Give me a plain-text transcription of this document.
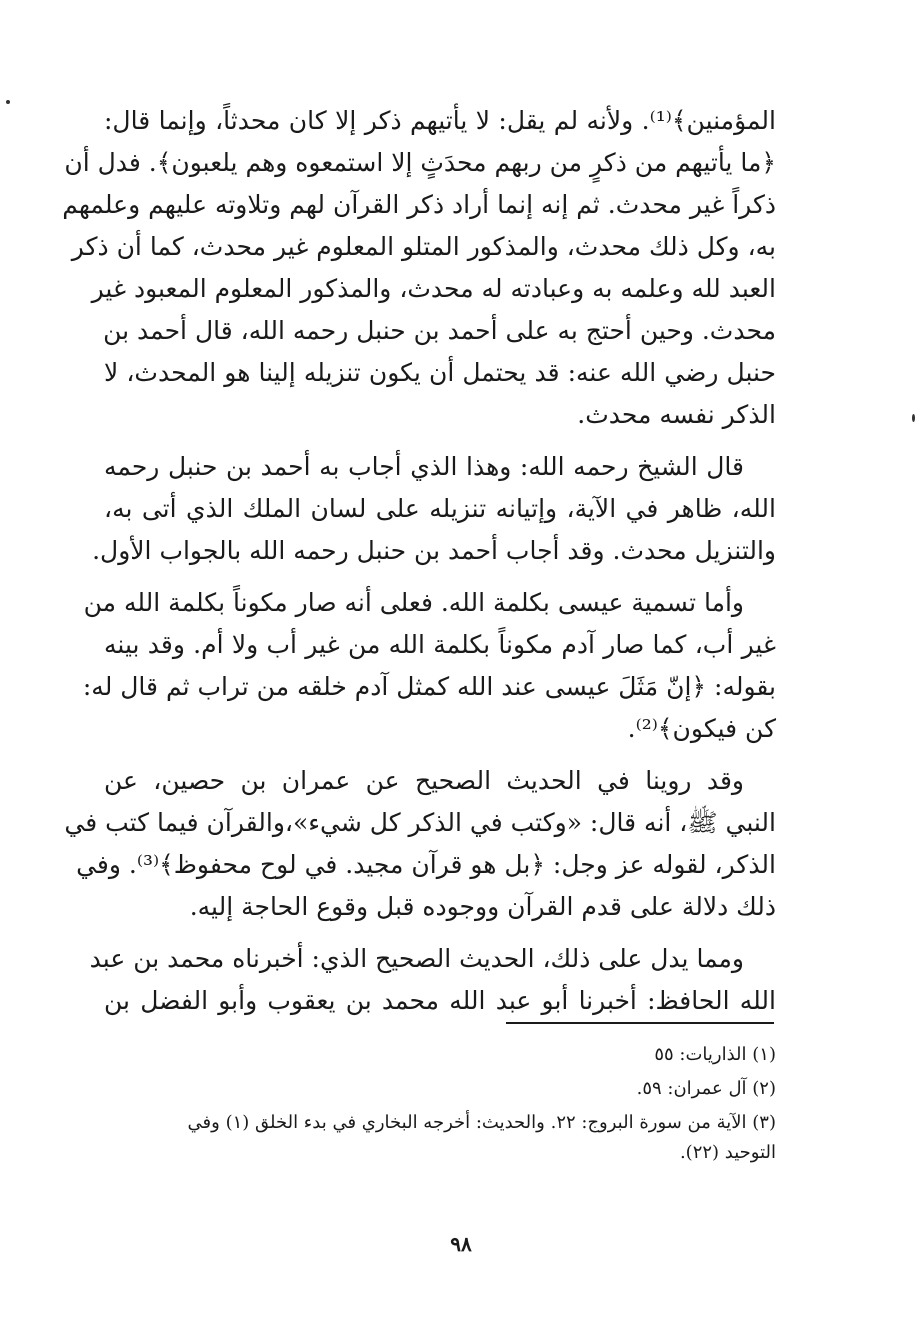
المؤمنين﴾⁽¹⁾. ولأنه لم يقل: لا يأتيهم ذكر إلا كان محدثاً، وإنما قال:
﴿ما يأتيهم من ذكرٍ من ربهم محدَثٍ إلا استمعوه وهم يلعبون﴾. فدل أن
ذكراً غير محدث. ثم إنه إنما أراد ذكر القرآن لهم وتلاوته عليهم وعلمهم
به، وكل ذلك محدث، والمذكور المتلو المعلوم غير محدث، كما أن ذكر
العبد لله وعلمه به وعبادته له محدث، والمذكور المعلوم المعبود غير
محدث. وحين أحتج به على أحمد بن حنبل رحمه الله، قال أحمد بن
حنبل رضي الله عنه: قد يحتمل أن يكون تنزيله إلينا هو المحدث، لا
الذكر نفسه محدث.

قال الشيخ رحمه الله: وهذا الذي أجاب به أحمد بن حنبل رحمه
الله، ظاهر في الآية، وإتيانه تنزيله على لسان الملك الذي أتى به،
والتنزيل محدث. وقد أجاب أحمد بن حنبل رحمه الله بالجواب الأول.

وأما تسمية عيسى بكلمة الله. فعلى أنه صار مكوناً بكلمة الله من
غير أب، كما صار آدم مكوناً بكلمة الله من غير أب ولا أم. وقد بينه
بقوله: ﴿إنّ مَثَلَ عيسى عند الله كمثل آدم خلقه من تراب ثم قال له:
كن فيكون﴾⁽²⁾.

وقد روينا في الحديث الصحيح عن عمران بن حصين، عن
النبي ﷺ، أنه قال: «وكتب في الذكر كل شيء»،والقرآن فيما كتب في
الذكر، لقوله عز وجل: ﴿بل هو قرآن مجيد. في لوح محفوظ﴾⁽³⁾. وفي
ذلك دلالة على قدم القرآن ووجوده قبل وقوع الحاجة إليه.

ومما يدل على ذلك، الحديث الصحيح الذي: أخبرناه محمد بن عبد
الله الحافظ: أخبرنا أبو عبد الله محمد بن يعقوب وأبو الفضل بن

(١) الذاريات: ٥٥

(٢) آل عمران: ٥٩.

(٣) الآية من سورة البروج: ٢٢. والحديث: أخرجه البخاري في بدء الخلق (١) وفي
التوحيد (٢٢).

٩٨
